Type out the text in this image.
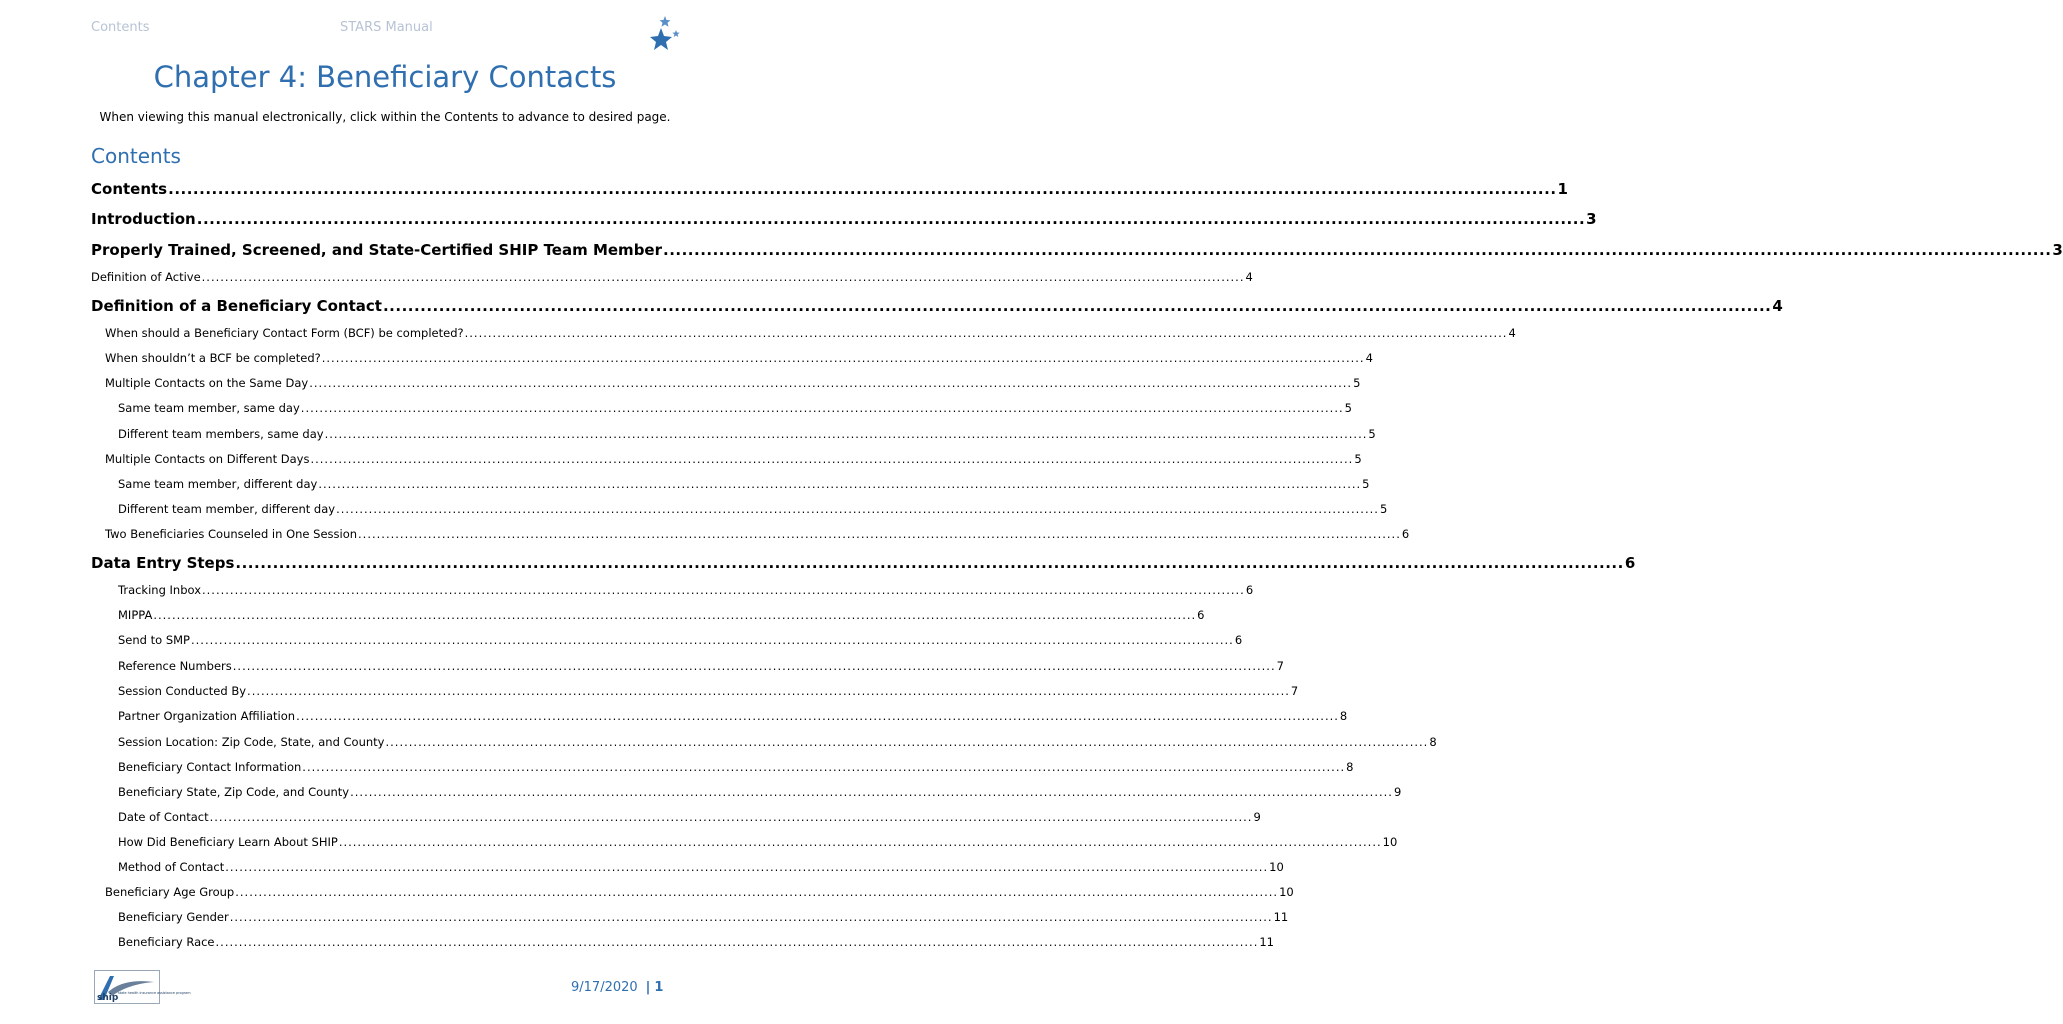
Contents	STARS Manual
Chapter 4: Beneficiary Contacts
When viewing this manual electronically, click within the Contents to advance to desired page.
Contents
Contents .....	1
Introduction .....	3
Properly Trained, Screened, and State-Certified SHIP Team Member .....	3
Definition of Active .....	4
Definition of a Beneficiary Contact .....	4
When should a Beneficiary Contact Form (BCF) be completed? .....	4
When shouldn’t a BCF be completed? .....	4
Multiple Contacts on the Same Day .....	5
Same team member, same day .....	5
Different team members, same day .....	5
Multiple Contacts on Different Days .....	5
Same team member, different day .....	5
Different team member, different day .....	5
Two Beneficiaries Counseled in One Session .....	6
Data Entry Steps .....	6
Tracking Inbox .....	6
MIPPA .....	6
Send to SMP .....	6
Reference Numbers .....	7
Session Conducted By .....	7
Partner Organization Affiliation .....	8
Session Location: Zip Code, State, and County .....	8
Beneficiary Contact Information .....	8
Beneficiary State, Zip Code, and County .....	9
Date of Contact .....	9
How Did Beneficiary Learn About SHIP .....	10
Method of Contact .....	10
Beneficiary Age Group .....	10
Beneficiary Gender .....	11
Beneficiary Race .....	11
ship state health insurance assistance program	9/17/2020 | 1
